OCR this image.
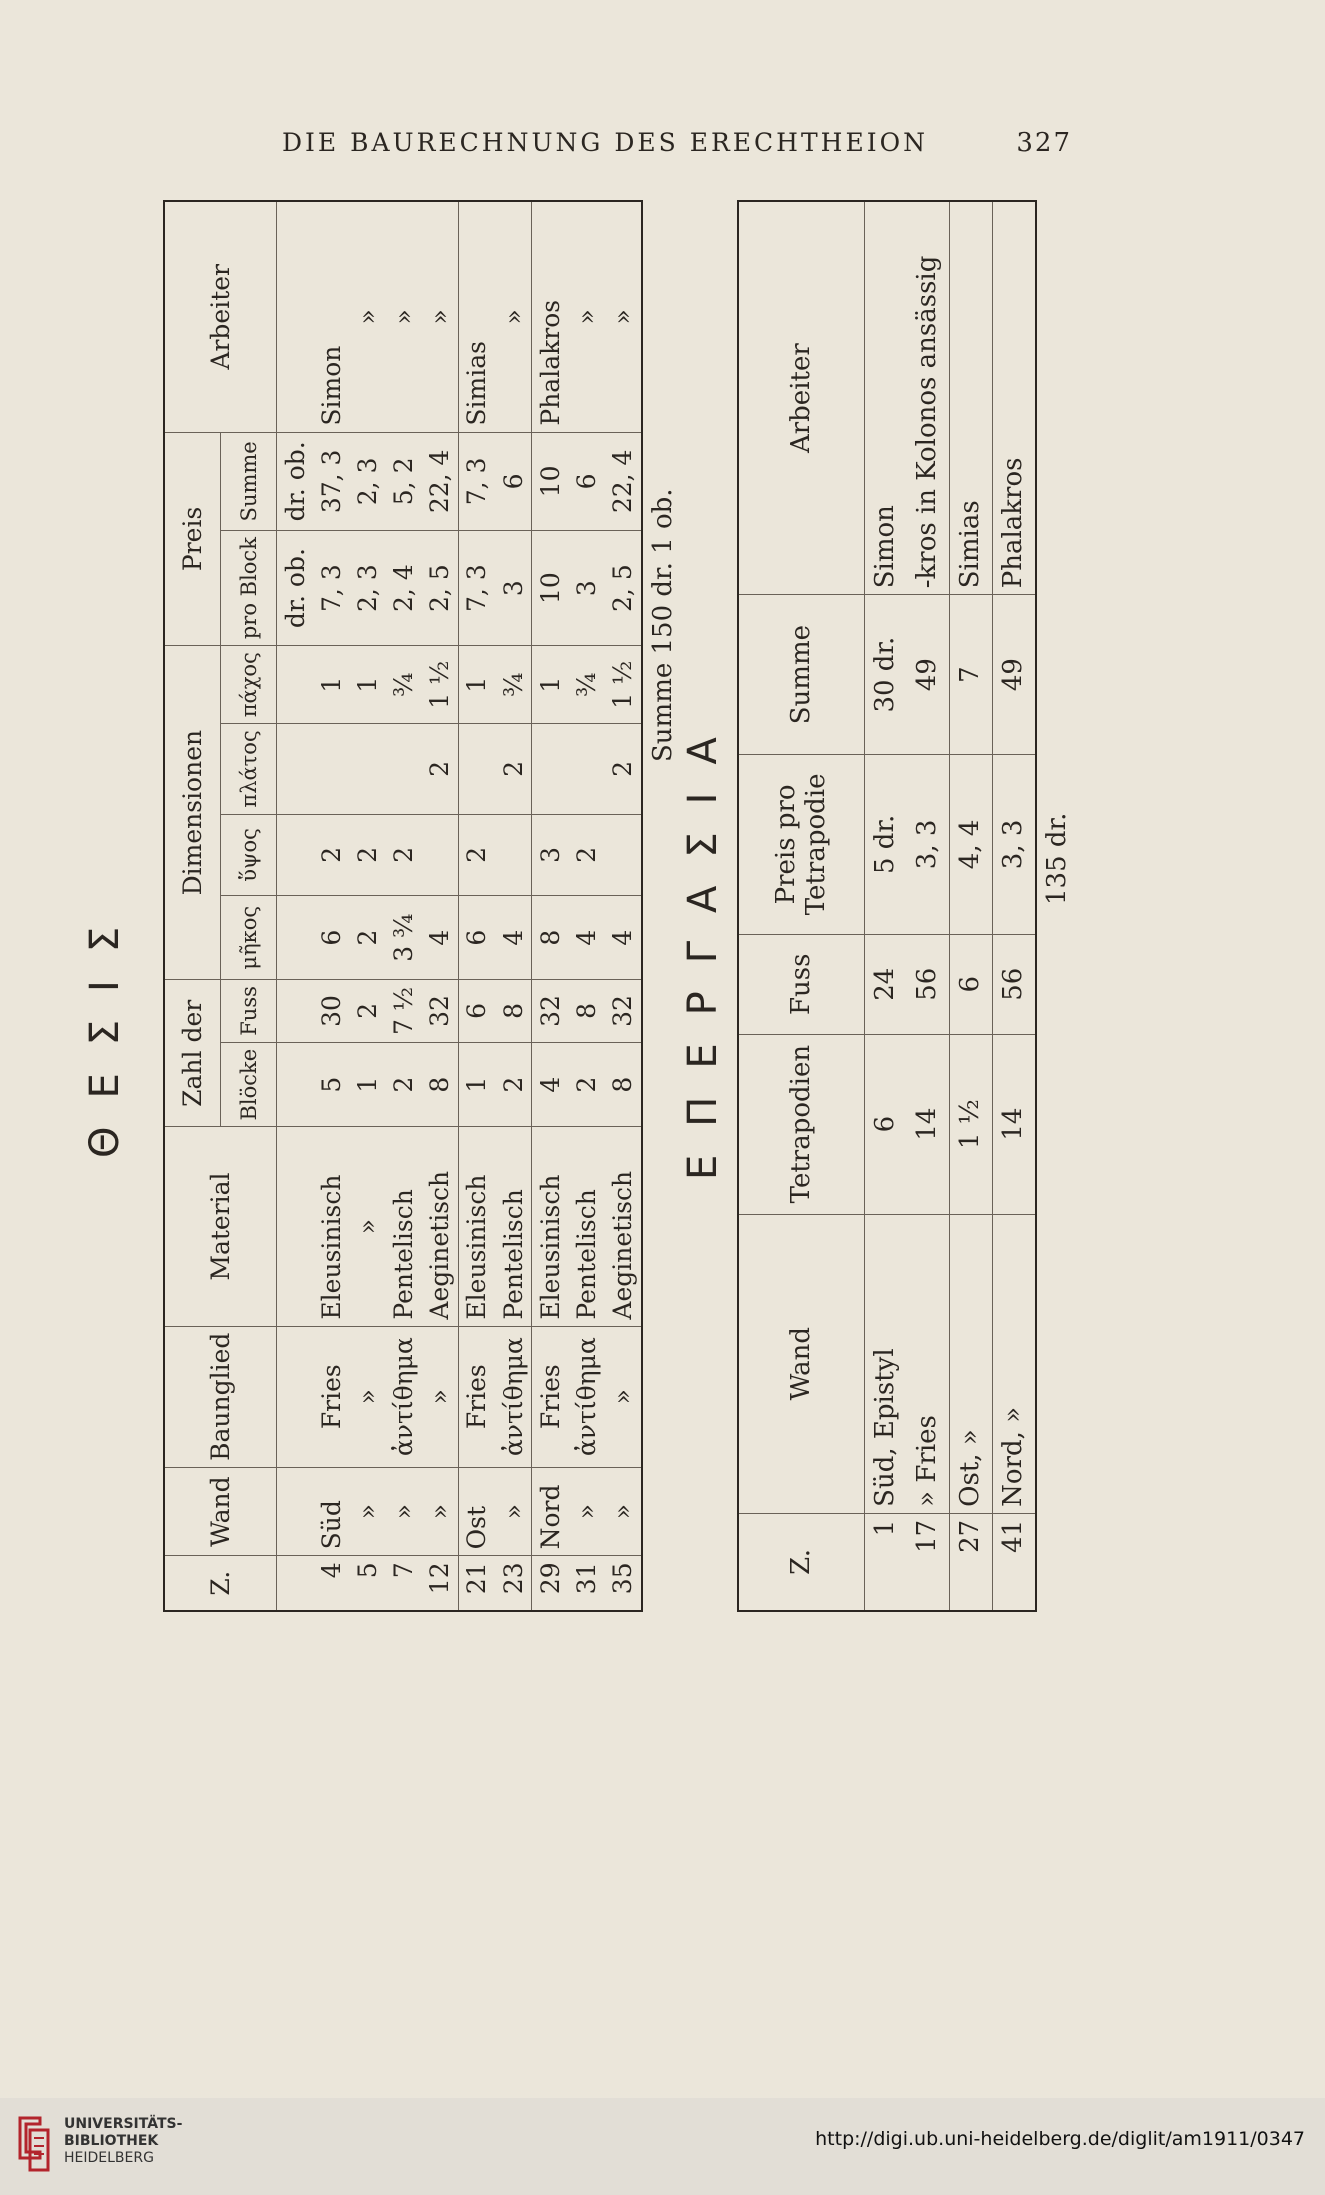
DIE BAURECHNUNG DES ERECHTHEION	327
ΘΕΣΙΣ
Z.	Wand	Baunglied	Material	Zahl der		Dimensionen				Preis		Arbeiter
				Blöcke	Fuss	μῆκος	ὕψος	πλάτος	πάχος	pro Block	Summe	
										dr. ob.	dr. ob.	
4	Süd	Fries	Eleusinisch	5	30	6	2		1	7, 3	37, 3	Simon
5	»	»	»	1	2	2	2		1	2, 3	2, 3	»
7	»	ἀντίθημα	Pentelisch	2	7 ½	3 ¾	2		¾	2, 4	5, 2	»
12	»	»	Aeginetisch	8	32	4		2	1 ½	2, 5	22, 4	»
21	Ost	Fries	Eleusinisch	1	6	6	2		1	7, 3	7, 3	Simias
23	»	ἀντίθημα	Pentelisch	2	8	4		2	¾	3	6	»
29	Nord	Fries	Eleusinisch	4	32	8	3		1	10	10	Phalakros
31	»	ἀντίθημα	Pentelisch	2	8	4	2		¾	3	6	»
35	»	»	Aeginetisch	8	32	4		2	1 ½	2, 5	22, 4	»
Summe 150 dr. 1 ob.
ΕΠΕΡΓΑΣΙΑ
Z.	Wand	Tetrapodien	Fuss	Preis pro Tetrapodie	Summe	Arbeiter
1	Süd, Epistyl	6	24	5 dr.	30 dr.	Simon
17	» Fries	14	56	3, 3	49	-kros in Kolonos ansässig
27	Ost, »	1 ½	6	4, 4	7	Simias
41	Nord, »	14	56	3, 3	49	Phalakros
135 dr.
UNIVERSITÄTS-
BIBLIOTHEK
HEIDELBERG
http://digi.ub.uni-heidelberg.de/diglit/am1911/0347
